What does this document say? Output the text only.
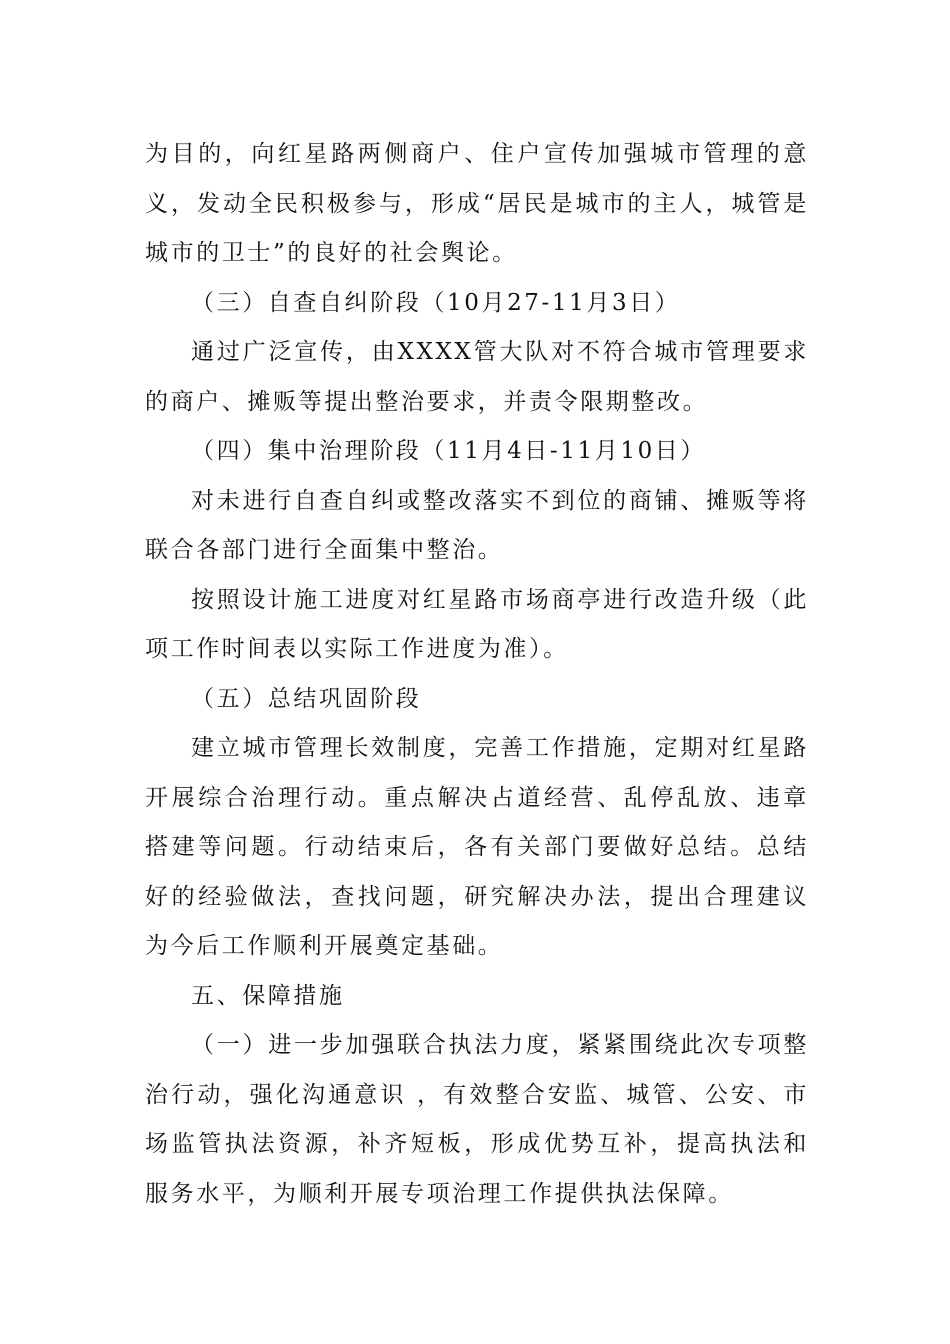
为目的，向红星路两侧商户、住户宣传加强城市管理的意义，发动全民积极参与，形成“居民是城市的主人，城管是城市的卫士”的良好的社会舆论。

（三）自查自纠阶段（10月27-11月3日）

通过广泛宣传，由XXXX管大队对不符合城市管理要求的商户、摊贩等提出整治要求，并责令限期整改。

（四）集中治理阶段（11月4日-11月10日）

对未进行自查自纠或整改落实不到位的商铺、摊贩等将联合各部门进行全面集中整治。

按照设计施工进度对红星路市场商亭进行改造升级（此项工作时间表以实际工作进度为准）。

（五）总结巩固阶段

建立城市管理长效制度，完善工作措施，定期对红星路开展综合治理行动。重点解决占道经营、乱停乱放、违章搭建等问题。行动结束后，各有关部门要做好总结。总结好的经验做法，查找问题，研究解决办法，提出合理建议为今后工作顺利开展奠定基础。

五、保障措施

（一）进一步加强联合执法力度，紧紧围绕此次专项整治行动，强化沟通意识 ，有效整合安监、城管、公安、市场监管执法资源，补齐短板，形成优势互补，提高执法和服务水平，为顺利开展专项治理工作提供执法保障。
